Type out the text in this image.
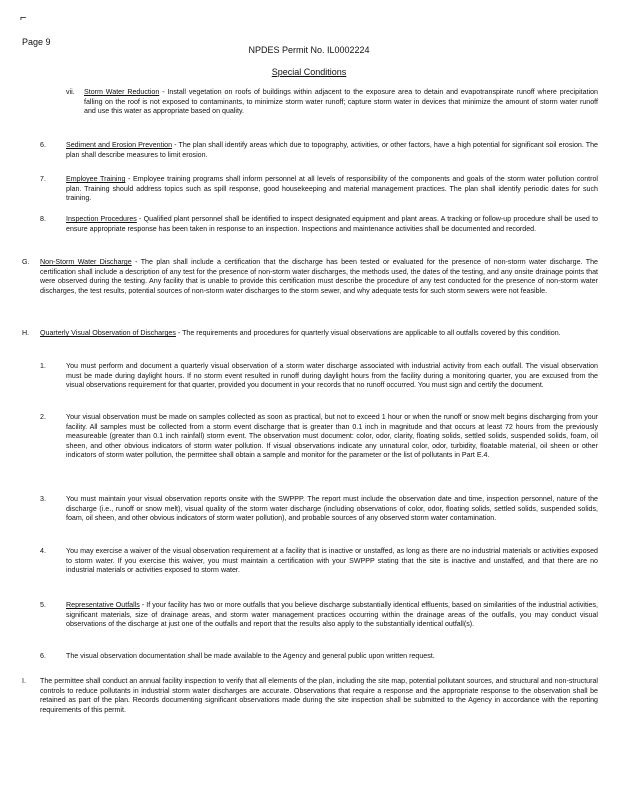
⌐
Page 9
NPDES Permit No. IL0002224
Special Conditions
vii. Storm Water Reduction - Install vegetation on roofs of buildings within adjacent to the exposure area to detain and evapotranspirate runoff where precipitation falling on the roof is not exposed to contaminants, to minimize storm water runoff; capture storm water in devices that minimize the amount of storm water runoff and use this water as appropriate based on quality.
6.	Sediment and Erosion Prevention - The plan shall identify areas which due to topography, activities, or other factors, have a high potential for significant soil erosion. The plan shall describe measures to limit erosion.
7.	Employee Training - Employee training programs shall inform personnel at all levels of responsibility of the components and goals of the storm water pollution control plan. Training should address topics such as spill response, good housekeeping and material management practices. The plan shall identify periodic dates for such training.
8.	Inspection Procedures - Qualified plant personnel shall be identified to inspect designated equipment and plant areas. A tracking or follow-up procedure shall be used to ensure appropriate response has been taken in response to an inspection. Inspections and maintenance activities shall be documented and recorded.
G. Non-Storm Water Discharge - The plan shall include a certification that the discharge has been tested or evaluated for the presence of non-storm water discharge. The certification shall include a description of any test for the presence of non-storm water discharges, the methods used, the dates of the testing, and any onsite drainage points that were observed during the testing. Any facility that is unable to provide this certification must describe the procedure of any test conducted for the presence of non-storm water discharges, the test results, potential sources of non-storm water discharges to the storm sewer, and why adequate tests for such storm sewers were not feasible.
H. Quarterly Visual Observation of Discharges - The requirements and procedures for quarterly visual observations are applicable to all outfalls covered by this condition.
1.	You must perform and document a quarterly visual observation of a storm water discharge associated with industrial activity from each outfall. The visual observation must be made during daylight hours. If no storm event resulted in runoff during daylight hours from the facility during a monitoring quarter, you are excused from the visual observations requirement for that quarter, provided you document in your records that no runoff occurred. You must sign and certify the document.
2.	Your visual observation must be made on samples collected as soon as practical, but not to exceed 1 hour or when the runoff or snow melt begins discharging from your facility. All samples must be collected from a storm event discharge that is greater than 0.1 inch in magnitude and that occurs at least 72 hours from the previously measureable (greater than 0.1 inch rainfall) storm event. The observation must document: color, odor, clarity, floating solids, settled solids, suspended solids, foam, oil sheen, and other obvious indicators of storm water pollution. If visual observations indicate any unnatural color, odor, turbidity, floatable material, oil sheen or other indicators of storm water pollution, the permittee shall obtain a sample and monitor for the parameter or the list of pollutants in Part E.4.
3.	You must maintain your visual observation reports onsite with the SWPPP. The report must include the observation date and time, inspection personnel, nature of the discharge (i.e., runoff or snow melt), visual quality of the storm water discharge (including observations of color, odor, floating solids, settled solids, suspended solids, foam, oil sheen, and other obvious indicators of storm water pollution), and probable sources of any observed storm water contamination.
4.	You may exercise a waiver of the visual observation requirement at a facility that is inactive or unstaffed, as long as there are no industrial materials or activities exposed to storm water. If you exercise this waiver, you must maintain a certification with your SWPPP stating that the site is inactive and unstaffed, and that there are no industrial materials or activities exposed to storm water.
5.	Representative Outfalls - If your facility has two or more outfalls that you believe discharge substantially identical effluents, based on similarities of the industrial activities, significant materials, size of drainage areas, and storm water management practices occurring within the drainage areas of the outfalls, you may conduct visual observations of the discharge at just one of the outfalls and report that the results also apply to the substantially identical outfall(s).
6.	The visual observation documentation shall be made available to the Agency and general public upon written request.
I. The permittee shall conduct an annual facility inspection to verify that all elements of the plan, including the site map, potential pollutant sources, and structural and non-structural controls to reduce pollutants in industrial storm water discharges are accurate. Observations that require a response and the appropriate response to the observation shall be retained as part of the plan. Records documenting significant observations made during the site inspection shall be submitted to the Agency in accordance with the reporting requirements of this permit.
